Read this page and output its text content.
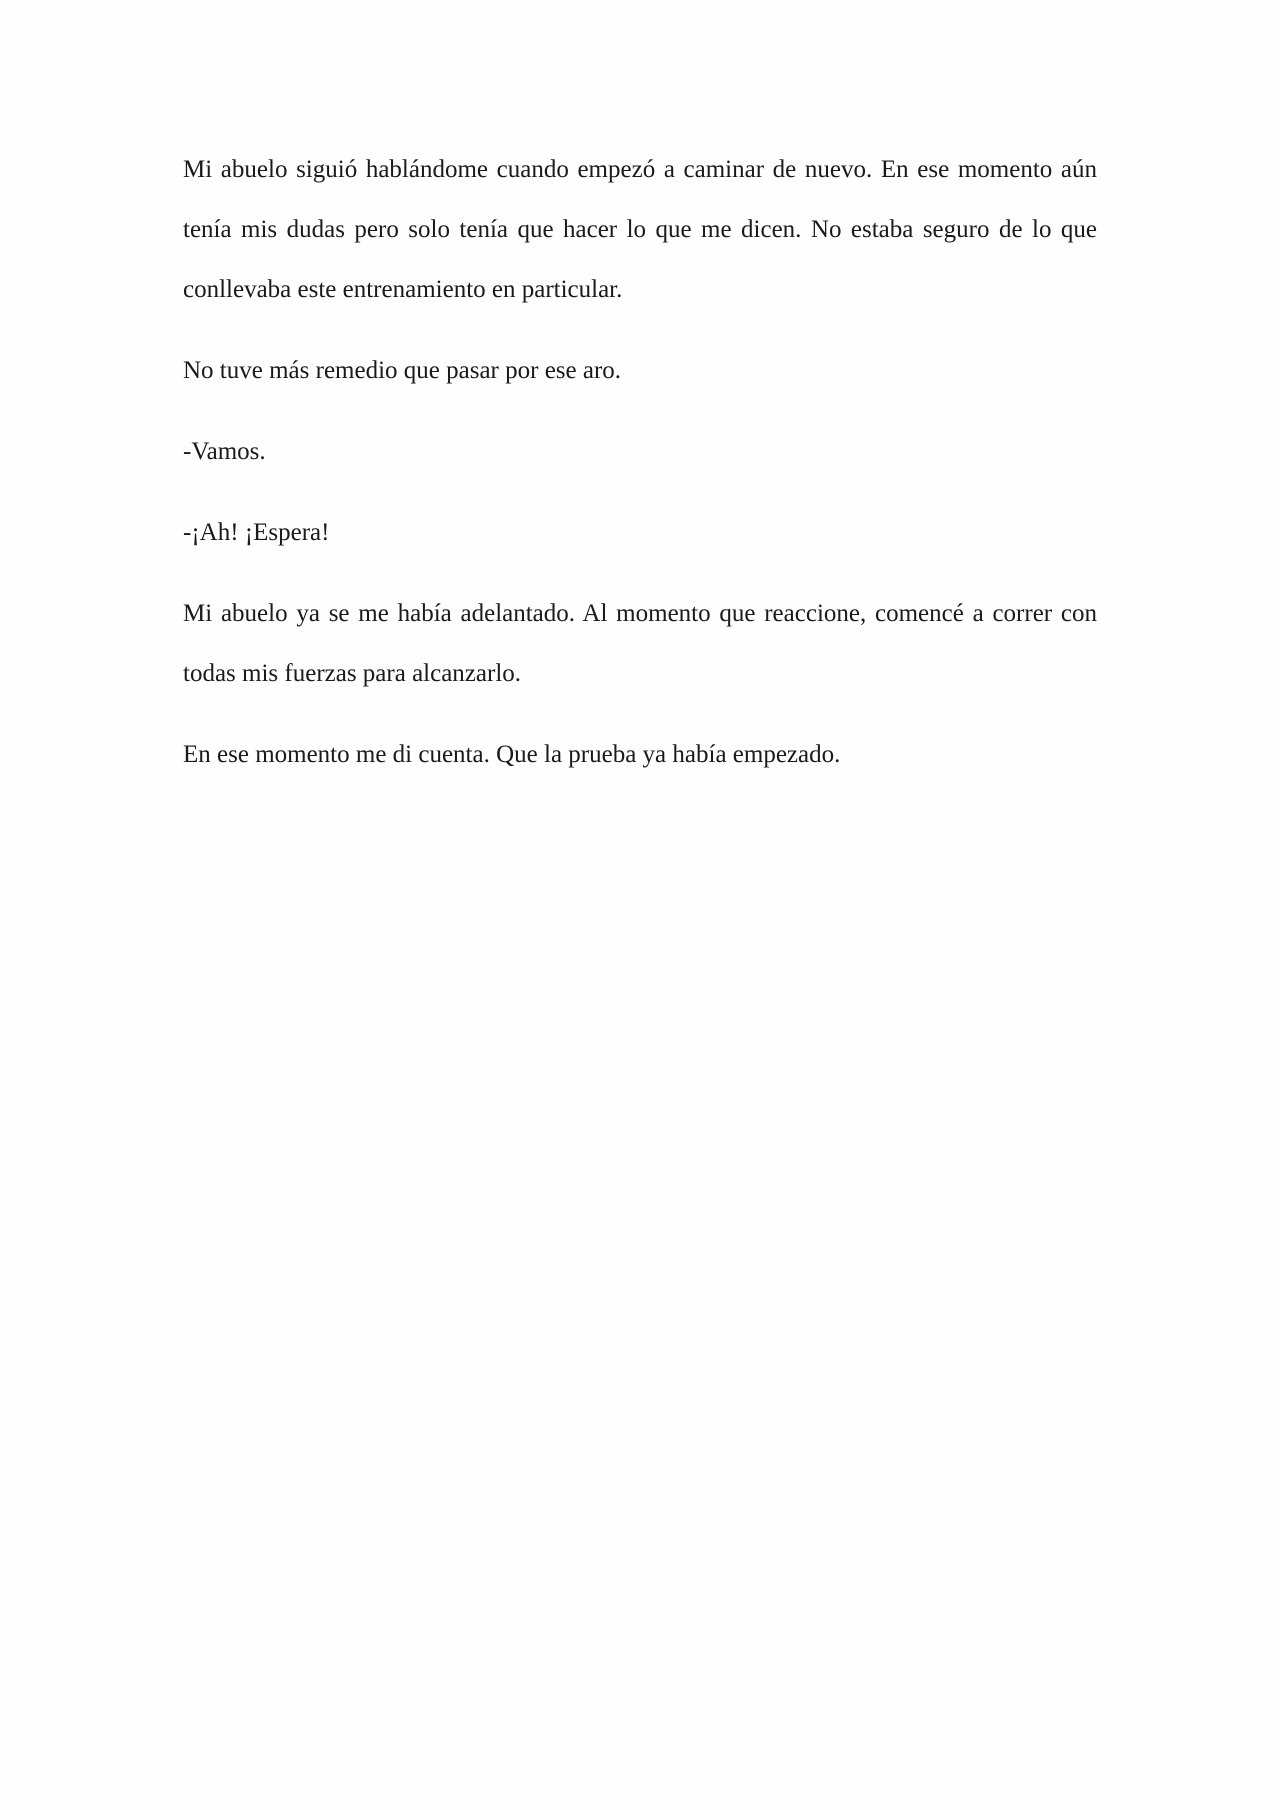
Mi abuelo siguió hablándome cuando empezó a caminar de nuevo. En ese momento aún tenía mis dudas pero solo tenía que hacer lo que me dicen. No estaba seguro de lo que conllevaba este entrenamiento en particular.

No tuve más remedio que pasar por ese aro.

-Vamos.

-¡Ah! ¡Espera!

Mi abuelo ya se me había adelantado. Al momento que reaccione, comencé a correr con todas mis fuerzas para alcanzarlo.

En ese momento me di cuenta. Que la prueba ya había empezado.
